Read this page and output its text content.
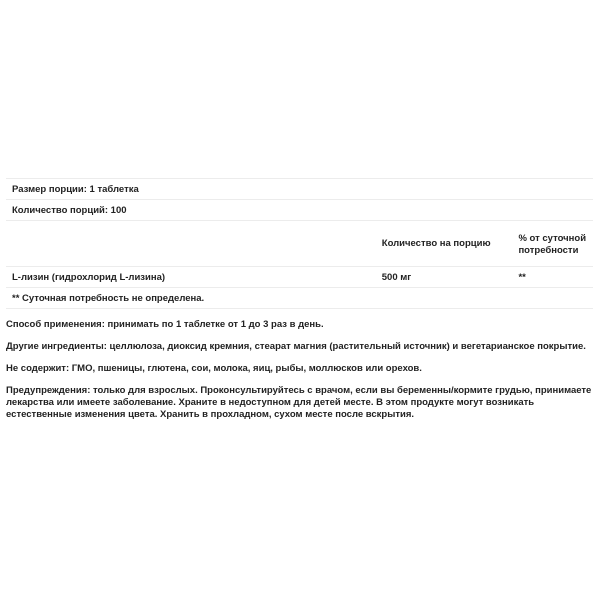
Размер порции: 1 таблетка		
Количество порций: 100		
	Количество на порцию	% от суточной потребности
L-лизин (гидрохлорид L-лизина)	500 мг	**
** Суточная потребность не определена.		

Способ применения: принимать по 1 таблетке от 1 до 3 раз в день.

Другие ингредиенты: целлюлоза, диоксид кремния, стеарат магния (растительный источник) и вегетарианское покрытие.

Не содержит: ГМО, пшеницы, глютена, сои, молока, яиц, рыбы, моллюсков или орехов.

Предупреждения: только для взрослых. Проконсультируйтесь с врачом, если вы беременны/кормите грудью, принимаете лекарства или имеете заболевание. Храните в недоступном для детей месте. В этом продукте могут возникать естественные изменения цвета. Хранить в прохладном, сухом месте после вскрытия.
